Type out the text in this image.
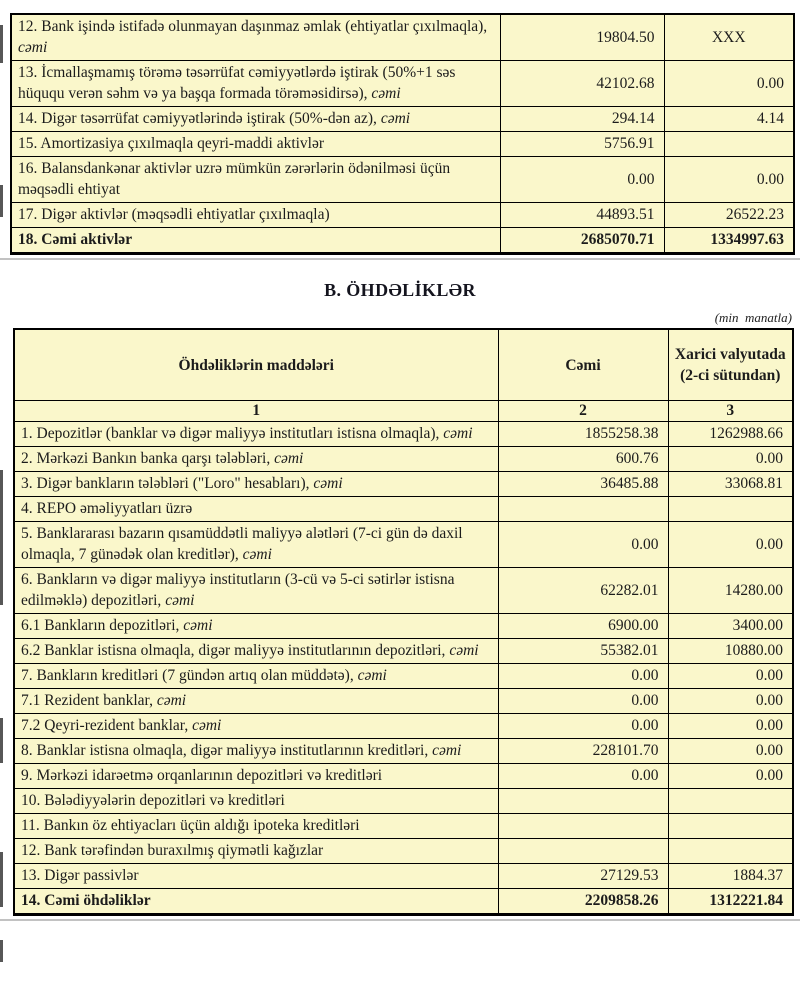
12. Bank işində istifadə olunmayan daşınmaz əmlak (ehtiyatlar çıxılmaqla), cəmi	19804.50	XXX
13. İcmallaşmamış törəmə təsərrüfat cəmiyyətlərdə iştirak (50%+1 səs hüququ verən səhm və ya başqa formada törəməsidirsə), cəmi	42102.68	0.00
14. Digər təsərrüfat cəmiyyətlərində iştirak (50%-dən az), cəmi	294.14	4.14
15. Amortizasiya çıxılmaqla qeyri-maddi aktivlər	5756.91	
16. Balansdankənar aktivlər uzrə mümkün zərərlərin ödənilməsi üçün məqsədli ehtiyat	0.00	0.00
17. Digər aktivlər (məqsədli ehtiyatlar çıxılmaqla)	44893.51	26522.23
18. Cəmi aktivlər	2685070.71	1334997.63
B. ÖHDƏLİKLƏR
(min  manatla)
Öhdəliklərin maddələri	Cəmi	Xarici valyutada (2-ci sütundan)
1	2	3
1. Depozitlər (banklar və digər maliyyə institutları istisna olmaqla), cəmi	1855258.38	1262988.66
2. Mərkəzi Bankın banka qarşı tələbləri, cəmi	600.76	0.00
3. Digər bankların tələbləri ("Loro" hesabları), cəmi	36485.88	33068.81
4. REPO əməliyyatları üzrə		
5. Banklararası bazarın qısamüddətli maliyyə alətləri (7-ci gün də daxil olmaqla, 7 günədək olan kreditlər), cəmi	0.00	0.00
6. Bankların və digər maliyyə institutların (3-cü və 5-ci sətirlər istisna edilməklə) depozitləri, cəmi	62282.01	14280.00
6.1 Bankların depozitləri, cəmi	6900.00	3400.00
6.2 Banklar istisna olmaqla, digər maliyyə institutlarının depozitləri, cəmi	55382.01	10880.00
7. Bankların kreditləri (7 gündən artıq olan müddətə), cəmi	0.00	0.00
7.1 Rezident banklar, cəmi	0.00	0.00
7.2 Qeyri-rezident banklar, cəmi	0.00	0.00
8. Banklar istisna olmaqla, digər maliyyə institutlarının kreditləri, cəmi	228101.70	0.00
9. Mərkəzi idarəetmə orqanlarının depozitləri və kreditləri	0.00	0.00
10. Bələdiyyələrin depozitləri və kreditləri		
11. Bankın öz ehtiyacları üçün aldığı ipoteka kreditləri		
12. Bank tərəfindən buraxılmış qiymətli kağızlar		
13. Digər passivlər	27129.53	1884.37
14. Cəmi öhdəliklər	2209858.26	1312221.84
